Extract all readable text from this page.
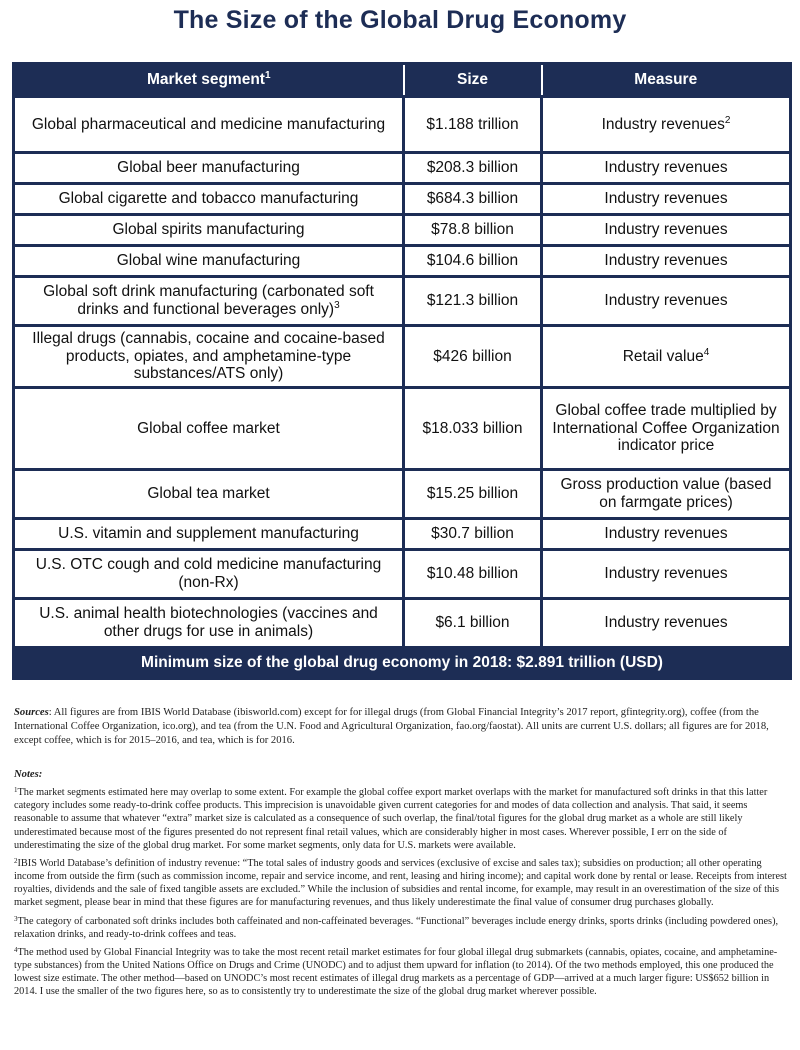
The Size of the Global Drug Economy
Market segment$^1$	Size	Measure
Global pharmaceutical and medicine manufacturing	$1.188 trillion	Industry revenues$^2$
Global beer manufacturing	$208.3 billion	Industry revenues
Global cigarette and tobacco manufacturing	$684.3 billion	Industry revenues
Global spirits manufacturing	$78.8 billion	Industry revenues
Global wine manufacturing	$104.6 billion	Industry revenues
Global soft drink manufacturing (carbonated soft drinks and functional beverages only)$^3$	$121.3 billion	Industry revenues
Illegal drugs (cannabis, cocaine and cocaine-based products, opiates, and amphetamine-type substances/ATS only)	$426 billion	Retail value$^4$
Global coffee market	$18.033 billion	Global coffee trade multiplied by International Coffee Organization indicator price
Global tea market	$15.25 billion	Gross production value (based on farmgate prices)
U.S. vitamin and supplement manufacturing	$30.7 billion	Industry revenues
U.S. OTC cough and cold medicine manufacturing (non-Rx)	$10.48 billion	Industry revenues
U.S. animal health biotechnologies (vaccines and other drugs for use in animals)	$6.1 billion	Industry revenues
Minimum size of the global drug economy in 2018: $2.891 trillion (USD)		
Sources: All figures are from IBIS World Database (ibisworld.com) except for for illegal drugs (from Global Financial Integrity’s 2017 report, gfintegrity.org), coffee (from the International Coffee Organization, ico.org), and tea (from the U.N. Food and Agricultural Organization, fao.org/faostat). All units are current U.S. dollars; all figures are for 2018, except coffee, which is for 2015–2016, and tea, which is for 2016.
Notes:

$^1$The market segments estimated here may overlap to some extent. For example the global coffee export market overlaps with the market for manufactured soft drinks in that this latter category includes some ready-to-drink coffee products. This imprecision is unavoidable given current categories for and modes of data collection and analysis. That said, it seems reasonable to assume that whatever “extra” market size is calculated as a consequence of such overlap, the final/total figures for the global drug market as a whole are still likely underestimated because most of the figures presented do not represent final retail values, which are considerably higher in most cases. Wherever possible, I err on the side of underestimating the size of the global drug market. For some market segments, only data for U.S. markets were available.

$^2$IBIS World Database’s definition of industry revenue: “The total sales of industry goods and services (exclusive of excise and sales tax); subsidies on production; all other operating income from outside the firm (such as commission income, repair and service income, and rent, leasing and hiring income); and capital work done by rental or lease. Receipts from interest royalties, dividends and the sale of fixed tangible assets are excluded.” While the inclusion of subsidies and rental income, for example, may result in an overestimation of the size of this market segment, please bear in mind that these figures are for manufacturing revenues, and thus likely underestimate the final value of consumer drug purchases globally.

$^3$The category of carbonated soft drinks includes both caffeinated and non-caffeinated beverages. “Functional” beverages include energy drinks, sports drinks (including powdered ones), relaxation drinks, and ready-to-drink coffees and teas.

$^4$The method used by Global Financial Integrity was to take the most recent retail market estimates for four global illegal drug submarkets (cannabis, opiates, cocaine, and amphetamine-type substances) from the United Nations Office on Drugs and Crime (UNODC) and to adjust them upward for inflation (to 2014). Of the two methods employed, this one produced the lowest size estimate. The other method—based on UNODC’s most recent estimates of illegal drug markets as a percentage of GDP—arrived at a much larger figure: US$652 billion in 2014. I use the smaller of the two figures here, so as to consistently try to underestimate the size of the global drug market wherever possible.
